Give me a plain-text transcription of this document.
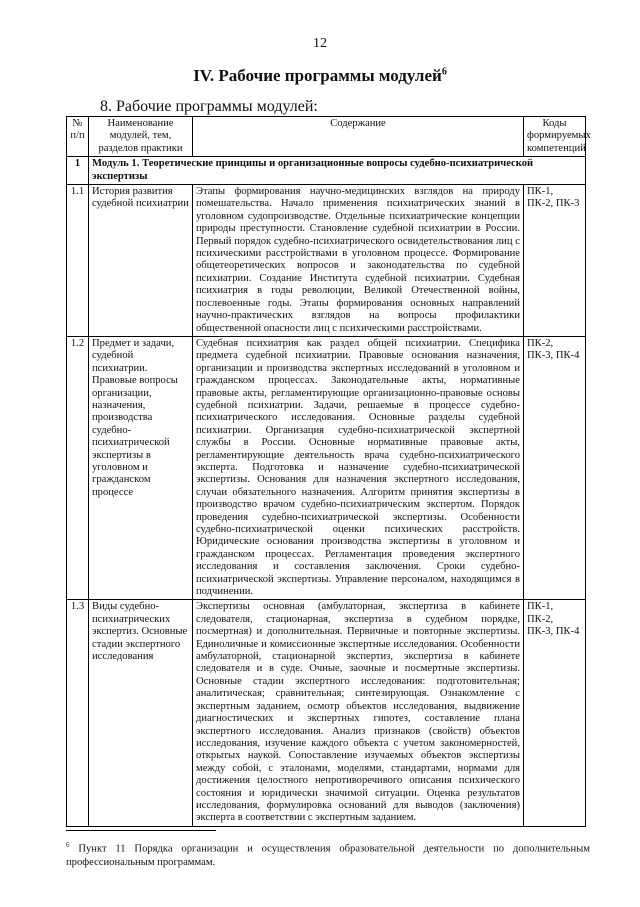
12
IV. Рабочие программы модулей$^6$
8. Рабочие программы модулей:
№ п/п	Наименование модулей, тем, разделов практики	Содержание	Коды формируемых компетенций
1	Модуль 1. Теоретические принципы и организационные вопросы судебно-психиатрической экспертизы		
1.1	История развития судебной психиатрии	Этапы формирования научно-медицинских взглядов на природу помешательства. Начало применения психиатрических знаний в уголовном судопроизводстве. Отдельные психиатрические концепции природы преступности. Становление судебной психиатрии в России. Первый порядок судебно-психиатрического освидетельствования лиц с психическими расстройствами в уголовном процессе. Формирование общетеоретических вопросов и законодательства по судебной психиатрии. Создание Института судебной психиатрии. Судебная психиатрия в годы революции, Великой Отечественной войны, послевоенные годы. Этапы формирования основных направлений научно-практических взглядов на вопросы профилактики общественной опасности лиц с психическими расстройствами.	ПК-1, ПК-2, ПК-3
1.2	Предмет и задачи, судебной психиатрии. Правовые вопросы организации, назначения, производства судебно-психиатрической экспертизы в уголовном и гражданском процессе	Судебная психиатрия как раздел общей психиатрии. Специфика предмета судебной психиатрии. Правовые основания назначения, организации и производства экспертных исследований в уголовном и гражданском процессах. Законодательные акты, нормативные правовые акты, регламентирующие организационно-правовые основы судебной психиатрии. Задачи, решаемые в процессе судебно-психиатрического исследования. Основные разделы судебной психиатрии. Организация судебно-психиатрической экспертной службы в России. Основные нормативные правовые акты, регламентирующие деятельность врача судебно-психиатрического эксперта. Подготовка и назначение судебно-психиатрической экспертизы. Основания для назначения экспертного исследования, случаи обязательного назначения. Алгоритм принятия экспертизы в производство врачом судебно-психиатрическим экспертом. Порядок проведения судебно-психиатрической экспертизы. Особенности судебно-психиатрической оценки психических расстройств. Юридические основания производства экспертизы в уголовном и гражданском процессах. Регламентация проведения экспертного исследования и составления заключения. Сроки судебно-психиатрической экспертизы. Управление персоналом, находящимся в подчинении.	ПК-2, ПК-3, ПК-4
1.3	Виды судебно-психиатрических экспертиз. Основные стадии экспертного исследования	Экспертизы основная (амбулаторная, экспертиза в кабинете следователя, стационарная, экспертиза в судебном порядке, посмертная) и дополнительная. Первичные и повторные экспертизы. Единоличные и комиссионные экспертные исследования. Особенности амбулаторной, стационарной экспертиз, экспертиза в кабинете следователя и в суде. Очные, заочные и посмертные экспертизы. Основные стадии экспертного исследования: подготовительная; аналитическая; сравнительная; синтезирующая. Ознакомление с экспертным заданием, осмотр объектов исследования, выдвижение диагностических и экспертных гипотез, составление плана экспертного исследования. Анализ признаков (свойств) объектов исследования, изучение каждого объекта с учетом закономерностей, открытых наукой. Сопоставление изучаемых объектов экспертизы между собой, с эталонами, моделями, стандартами, нормами для достижения целостного непротиворечивого описания психического состояния и юридически значимой ситуации. Оценка результатов исследования, формулировка оснований для выводов (заключения) эксперта в соответствии с экспертным заданием.	ПК-1, ПК-2, ПК-3, ПК-4
$^6$ Пункт 11 Порядка организации и осуществления образовательной деятельности по дополнительным профессиональным программам.
